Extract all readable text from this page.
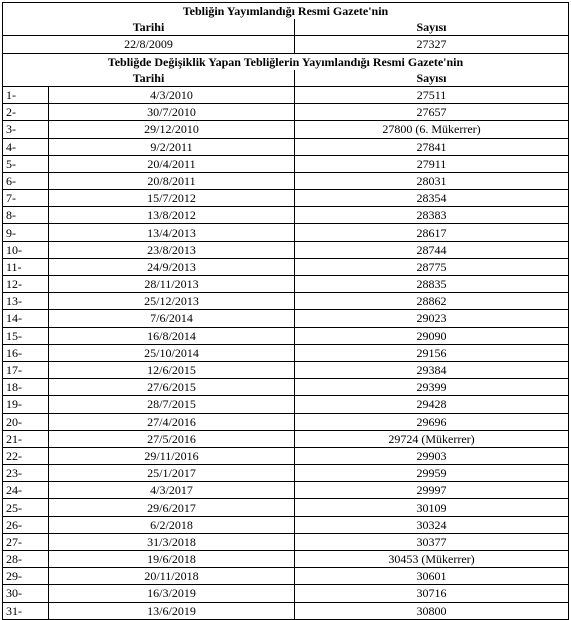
Tebliğin Yayımlandığı Resmi Gazete'nin		
Tarihi		Sayısı
22/8/2009		27327
Tebliğde Değişiklik Yapan Tebliğlerin Yayımlandığı Resmi Gazete'nin		
Tarihi		Sayısı
1-	4/3/2010	27511
2-	30/7/2010	27657
3-	29/12/2010	27800 (6. Mükerrer)
4-	9/2/2011	27841
5-	20/4/2011	27911
6-	20/8/2011	28031
7-	15/7/2012	28354
8-	13/8/2012	28383
9-	13/4/2013	28617
10-	23/8/2013	28744
11-	24/9/2013	28775
12-	28/11/2013	28835
13-	25/12/2013	28862
14-	7/6/2014	29023
15-	16/8/2014	29090
16-	25/10/2014	29156
17-	12/6/2015	29384
18-	27/6/2015	29399
19-	28/7/2015	29428
20-	27/4/2016	29696
21-	27/5/2016	29724 (Mükerrer)
22-	29/11/2016	29903
23-	25/1/2017	29959
24-	4/3/2017	29997
25-	29/6/2017	30109
26-	6/2/2018	30324
27-	31/3/2018	30377
28-	19/6/2018	30453 (Mükerrer)
29-	20/11/2018	30601
30-	16/3/2019	30716
31-	13/6/2019	30800
